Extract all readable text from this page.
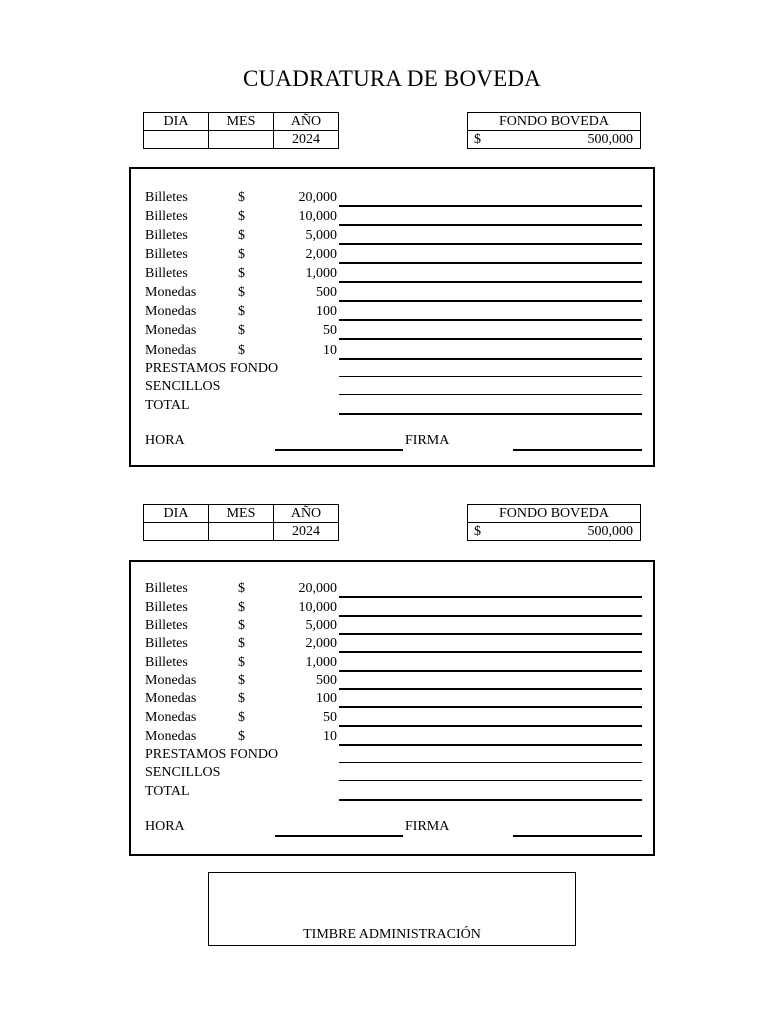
CUADRATURA DE BOVEDA
DIA	MES	AÑO
		2024
FONDO BOVEDA

$	500,000
Billetes	$	20,000
Billetes	$	10,000
Billetes	$	5,000
Billetes	$	2,000
Billetes	$	1,000
Monedas	$	500
Monedas	$	100
Monedas	$	50
Monedas	$	10
PRESTAMOS FONDO
SENCILLOS
TOTAL
HORA	FIRMA
DIA	MES	AÑO
		2024
FONDO BOVEDA

$	500,000
Billetes	$	20,000
Billetes	$	10,000
Billetes	$	5,000
Billetes	$	2,000
Billetes	$	1,000
Monedas	$	500
Monedas	$	100
Monedas	$	50
Monedas	$	10
PRESTAMOS FONDO
SENCILLOS
TOTAL
HORA	FIRMA
TIMBRE ADMINISTRACIÓN
